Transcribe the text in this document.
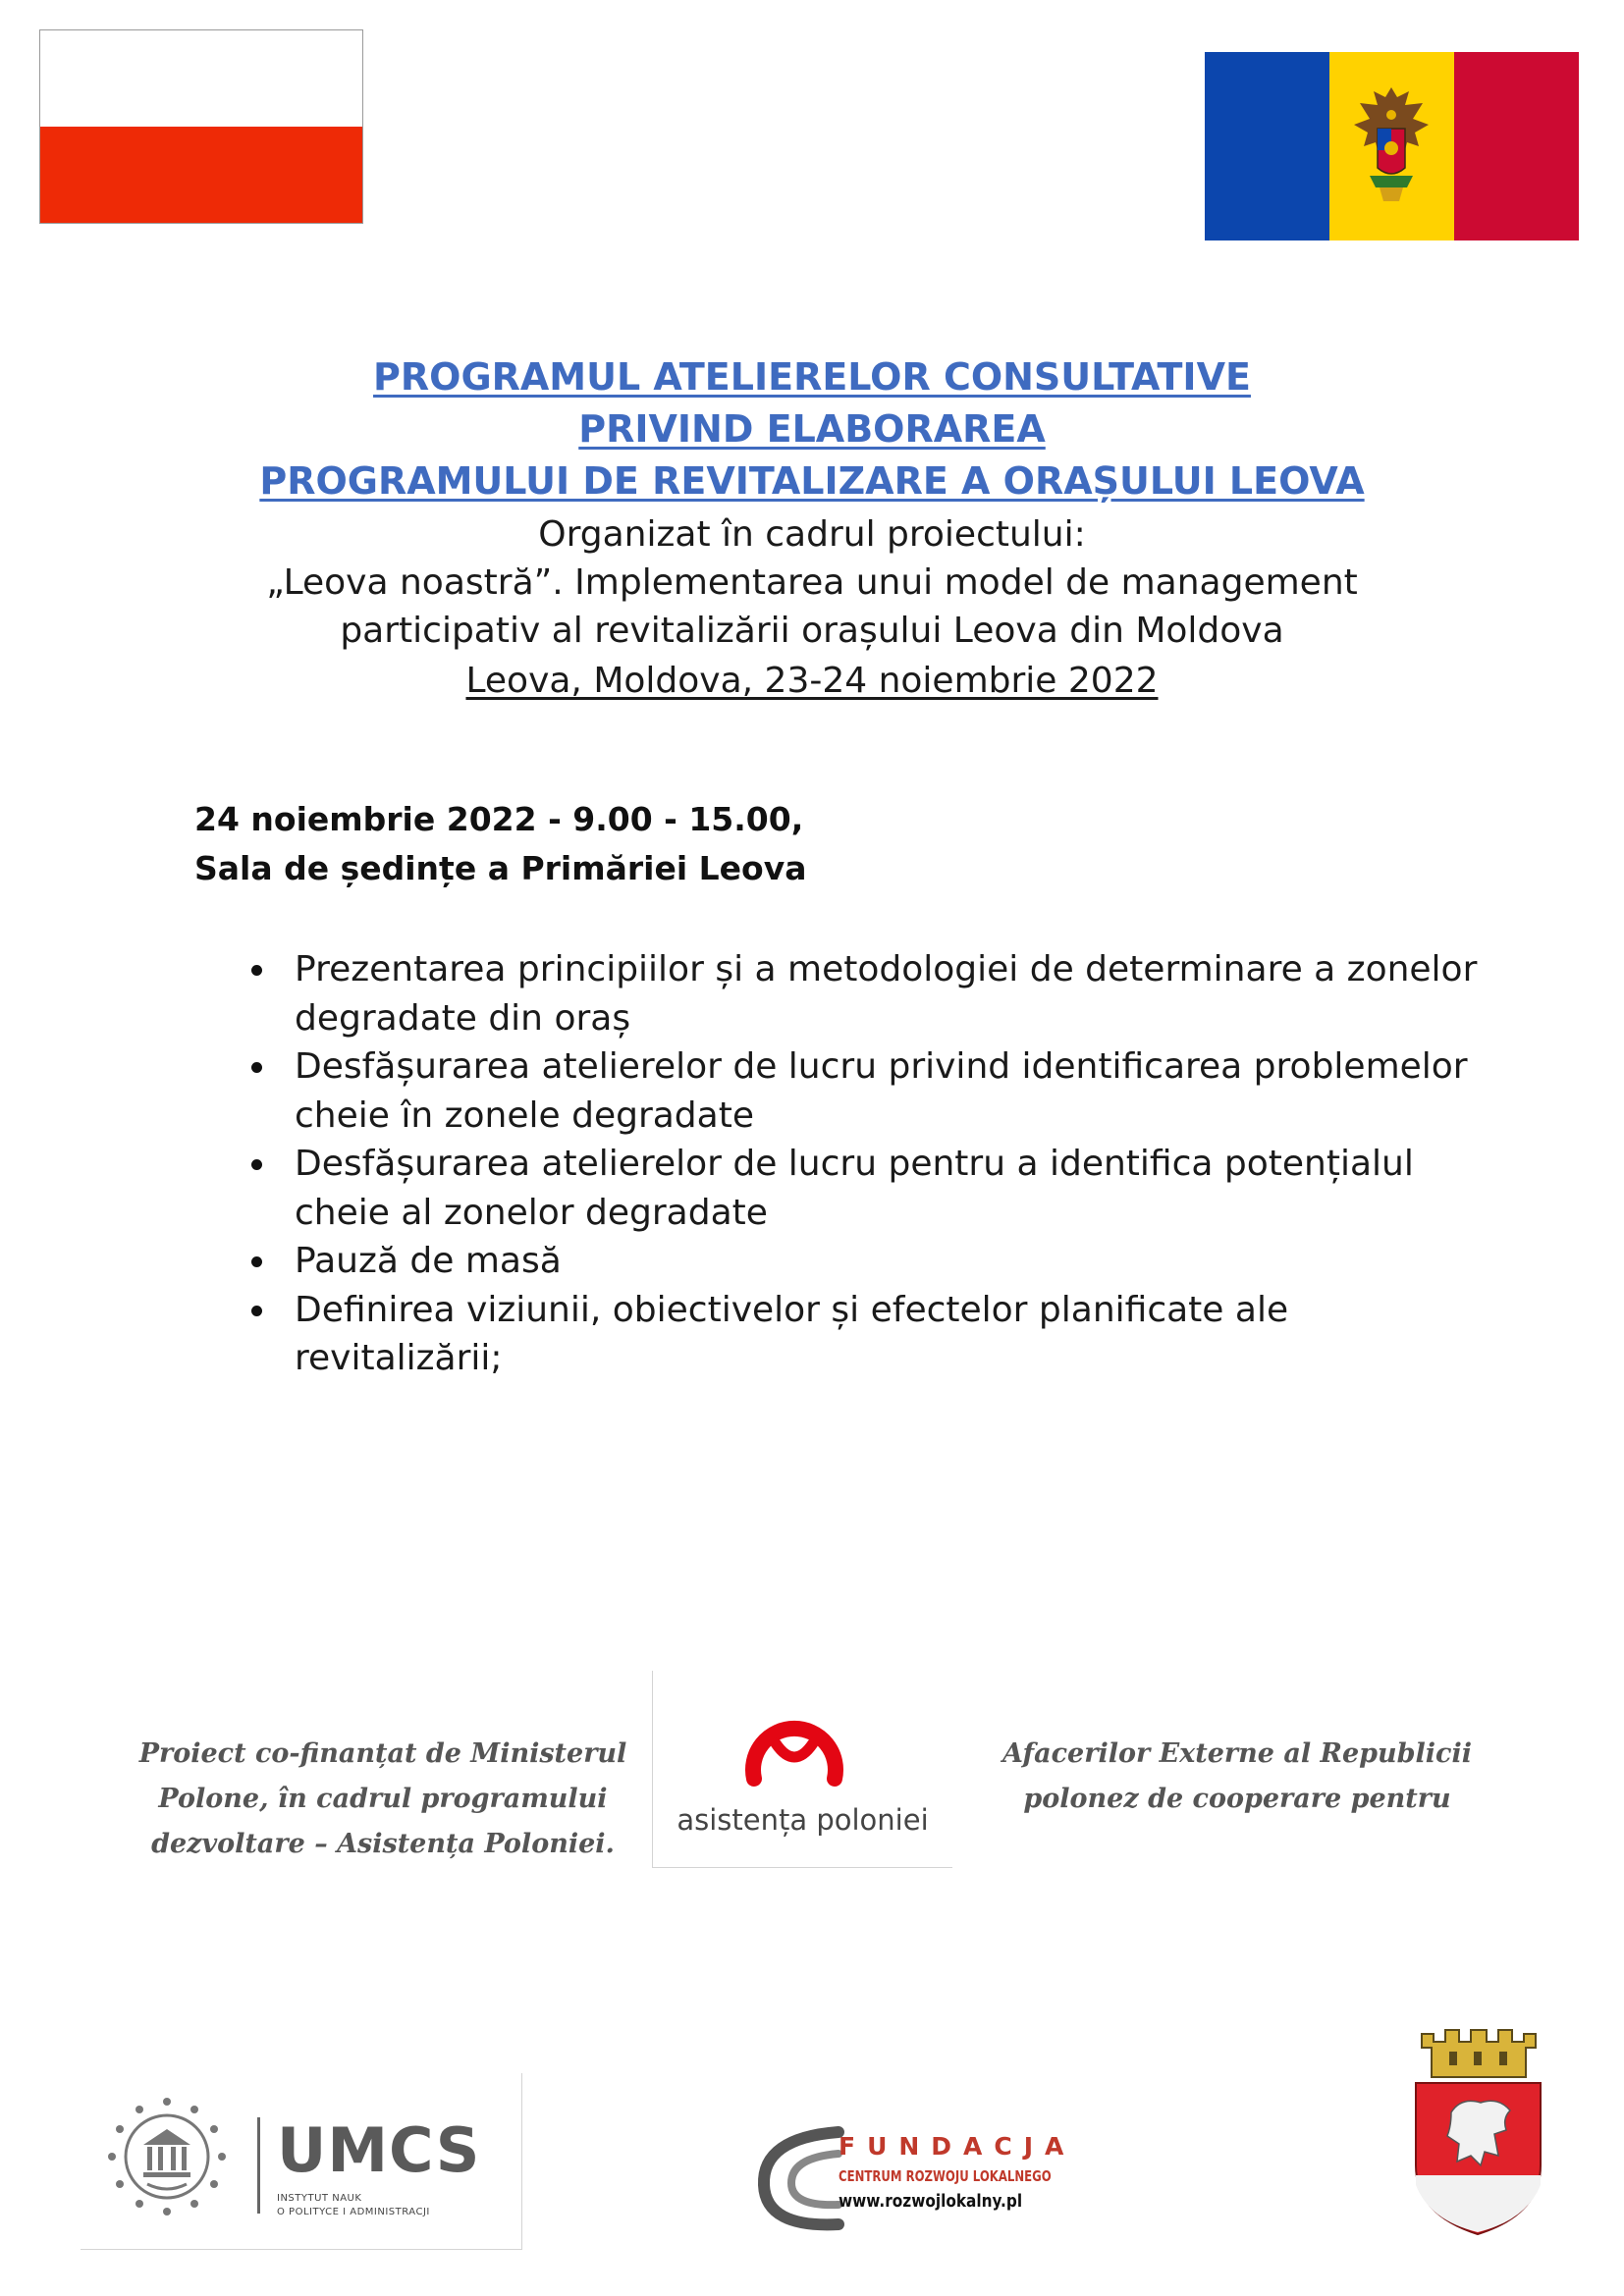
PROGRAMUL ATELIERELOR CONSULTATIVE
PRIVIND ELABORAREA
PROGRAMULUI DE REVITALIZARE A ORAȘULUI LEOVA
Organizat în cadrul proiectului:
„Leova noastră”. Implementarea unui model de management
participativ al revitalizării orașului Leova din Moldova
Leova, Moldova, 23-24 noiembrie 2022
24 noiembrie 2022 - 9.00 - 15.00,
Sala de ședințe a Primăriei Leova
Prezentarea principiilor și a metodologiei de determinare a zonelor degradate din oraș
Desfășurarea atelierelor de lucru privind identificarea problemelor cheie în zonele degradate
Desfășurarea atelierelor de lucru pentru a identifica potențialul cheie al zonelor degradate
Pauză de masă
Definirea viziunii, obiectivelor și efectelor planificate ale revitalizării;
Proiect co-finanțat de Ministerul
Polone, în cadrul programului
dezvoltare – Asistența Poloniei.
asistența poloniei
Afacerilor Externe al Republicii
polonez de cooperare pentru
UMCS
INSTYTUT NAUK
O POLITYCE I ADMINISTRACJI
FUNDACJA
CENTRUM ROZWOJU LOKALNEGO
www.rozwojlokalny.pl
